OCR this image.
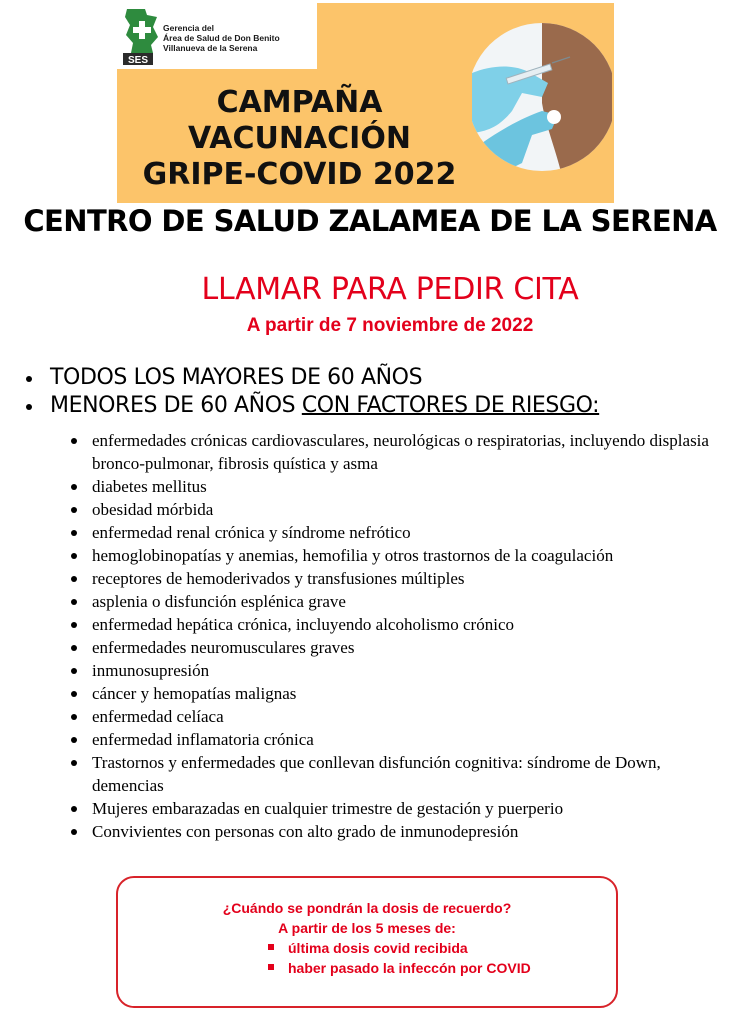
SES
Gerencia del
Área de Salud de Don Benito
Villanueva de la Serena
CAMPAÑA
VACUNACIÓN
GRIPE-COVID 2022
CENTRO DE SALUD ZALAMEA DE LA SERENA
LLAMAR PARA PEDIR CITA
A partir de 7 noviembre de 2022
TODOS LOS MAYORES DE 60 AÑOS
MENORES DE 60 AÑOS CON FACTORES DE RIESGO:
enfermedades crónicas cardiovasculares, neurológicas o respiratorias, incluyendo displasia bronco-pulmonar, fibrosis quística y asma
diabetes mellitus
obesidad mórbida
enfermedad renal crónica y síndrome nefrótico
hemoglobinopatías y anemias, hemofilia y otros trastornos de la coagulación
receptores de hemoderivados y transfusiones múltiples
asplenia o disfunción esplénica grave
enfermedad hepática crónica, incluyendo alcoholismo crónico
enfermedades neuromusculares graves
inmunosupresión
cáncer y hemopatías malignas
enfermedad celíaca
enfermedad inflamatoria crónica
Trastornos y enfermedades que conllevan disfunción cognitiva: síndrome de Down, demencias
Mujeres embarazadas en cualquier trimestre de gestación y puerperio
Convivientes con personas con alto grado de inmunodepresión
¿Cuándo se pondrán la dosis de recuerdo?
A partir de los 5 meses de:
última dosis covid recibida
haber pasado la infeccón por COVID
